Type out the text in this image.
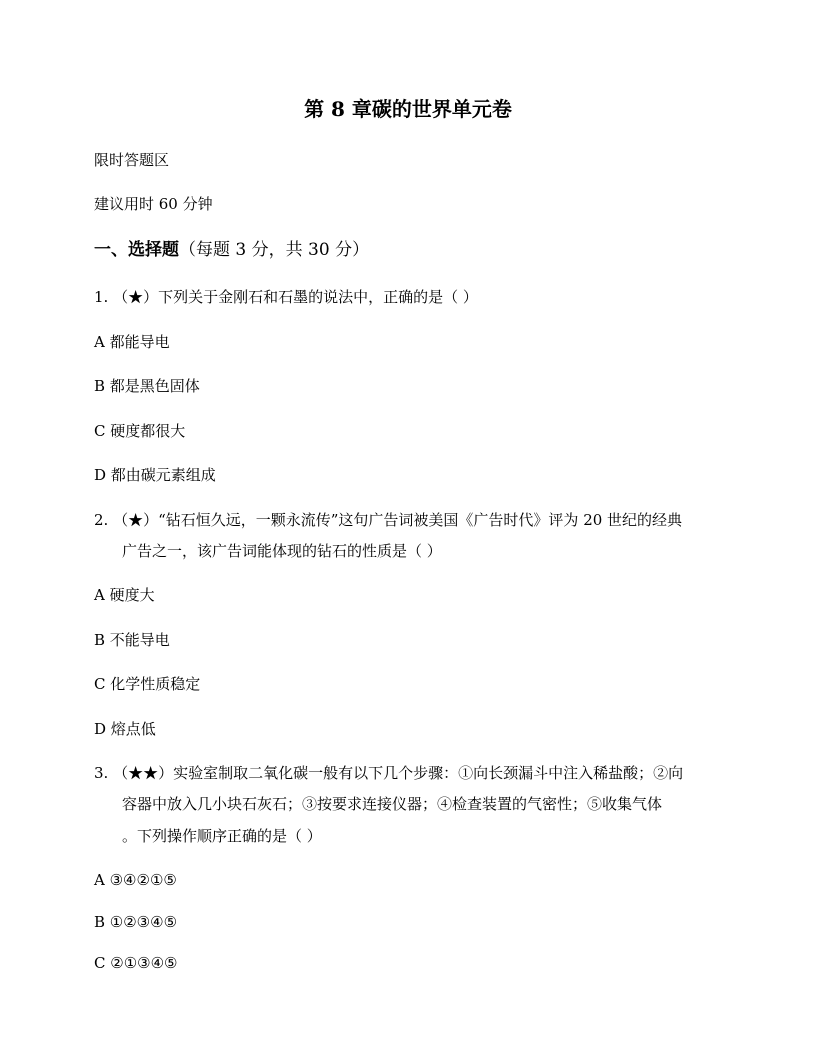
第 8 章碳的世界单元卷
限时答题区
建议用时 60 分钟
一、选择题（每题 3 分，共 30 分）
1. （★）下列关于金刚石和石墨的说法中，正确的是（ ）
A 都能导电
B 都是黑色固体
C 硬度都很大
D 都由碳元素组成
2. （★）“钻石恒久远，一颗永流传”这句广告词被美国《广告时代》评为 20 世纪的经典
广告之一，该广告词能体现的钻石的性质是（ ）
A 硬度大
B 不能导电
C 化学性质稳定
D 熔点低
3. （★★）实验室制取二氧化碳一般有以下几个步骤：①向长颈漏斗中注入稀盐酸；②向
容器中放入几小块石灰石；③按要求连接仪器；④检查装置的气密性；⑤收集气体
。下列操作顺序正确的是（ ）
A ③④②①⑤
B ①②③④⑤
C ②①③④⑤
